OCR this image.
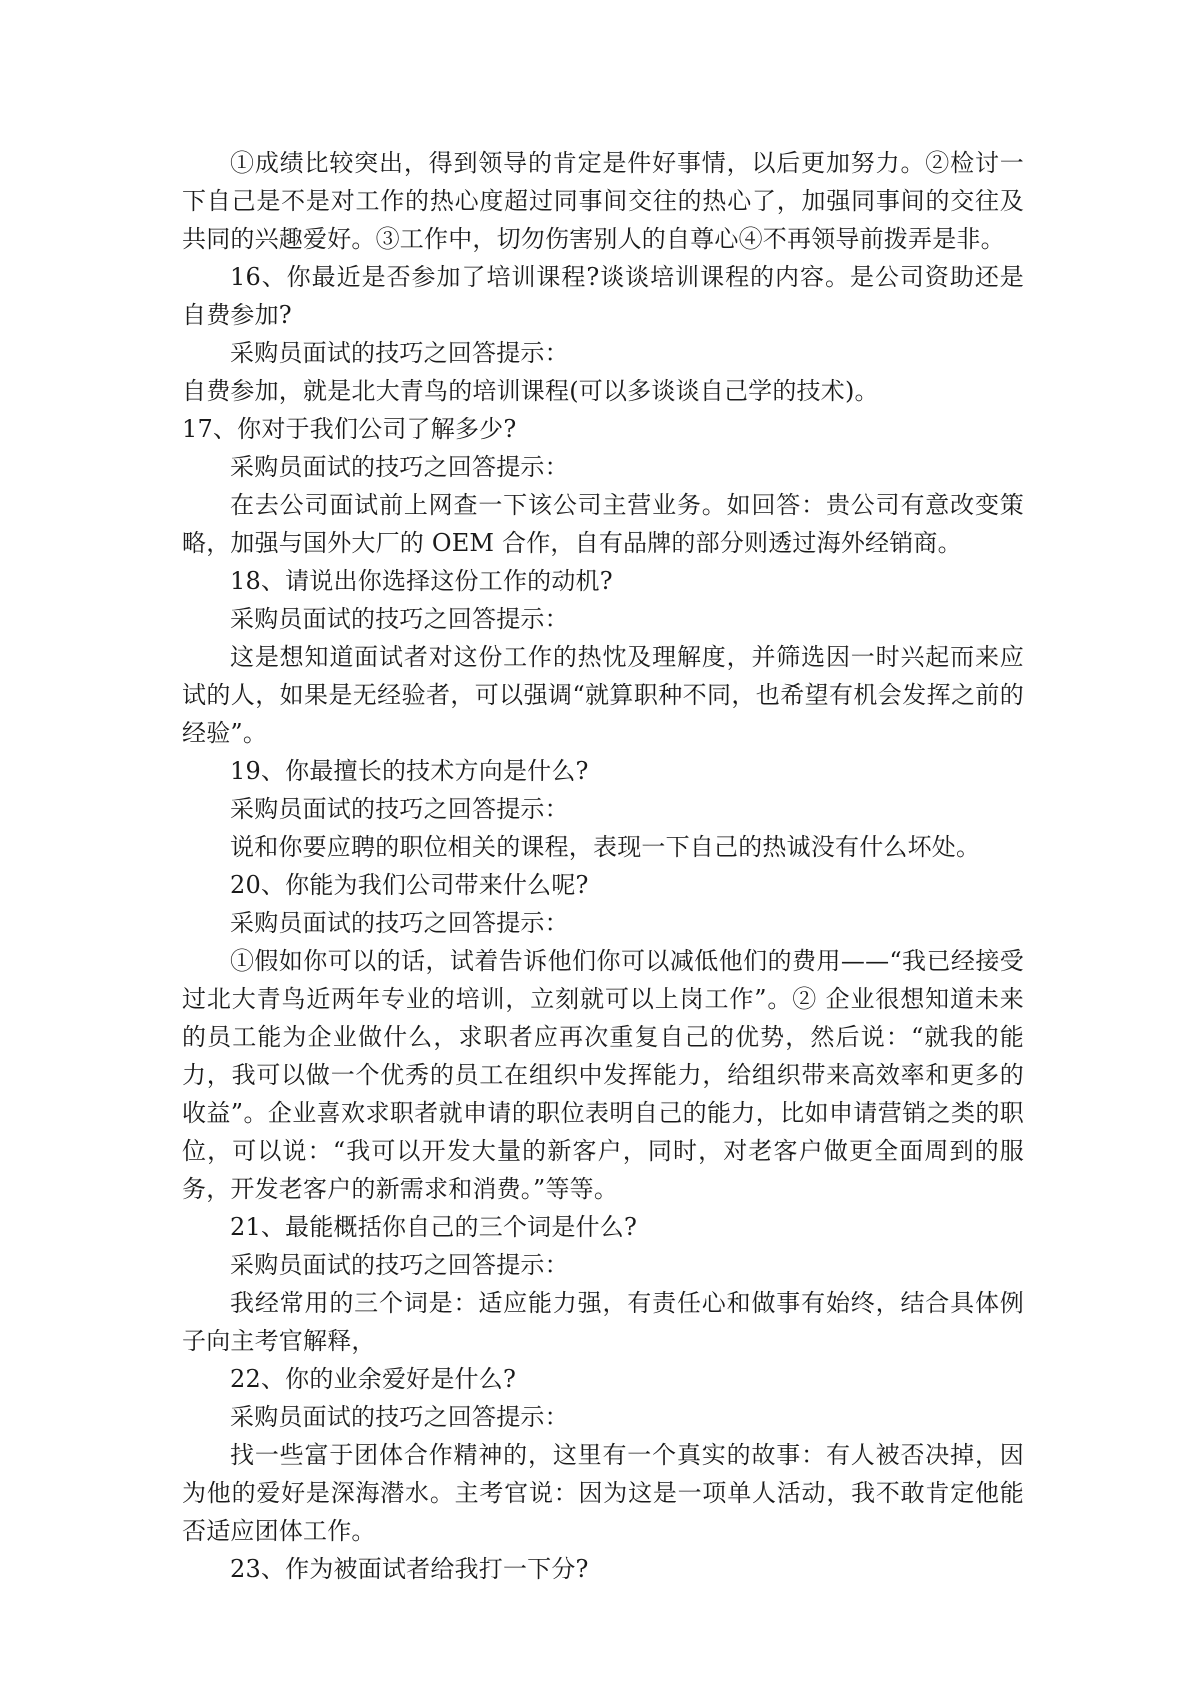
①成绩比较突出，得到领导的肯定是件好事情，以后更加努力。②检讨一下自己是不是对工作的热心度超过同事间交往的热心了，加强同事间的交往及共同的兴趣爱好。③工作中，切勿伤害别人的自尊心④不再领导前拨弄是非。

16、你最近是否参加了培训课程?谈谈培训课程的内容。是公司资助还是自费参加?

采购员面试的技巧之回答提示：

自费参加，就是北大青鸟的培训课程(可以多谈谈自己学的技术)。

17、你对于我们公司了解多少?

采购员面试的技巧之回答提示：

在去公司面试前上网查一下该公司主营业务。如回答：贵公司有意改变策略，加强与国外大厂的 OEM 合作，自有品牌的部分则透过海外经销商。

18、请说出你选择这份工作的动机?

采购员面试的技巧之回答提示：

这是想知道面试者对这份工作的热忱及理解度，并筛选因一时兴起而来应试的人，如果是无经验者，可以强调“就算职种不同，也希望有机会发挥之前的经验”。

19、你最擅长的技术方向是什么?

采购员面试的技巧之回答提示：

说和你要应聘的职位相关的课程，表现一下自己的热诚没有什么坏处。

20、你能为我们公司带来什么呢?

采购员面试的技巧之回答提示：

①假如你可以的话，试着告诉他们你可以减低他们的费用——“我已经接受过北大青鸟近两年专业的培训，立刻就可以上岗工作”。② 企业很想知道未来的员工能为企业做什么，求职者应再次重复自己的优势，然后说：“就我的能力，我可以做一个优秀的员工在组织中发挥能力，给组织带来高效率和更多的收益”。企业喜欢求职者就申请的职位表明自己的能力，比如申请营销之类的职位，可以说：“我可以开发大量的新客户，同时，对老客户做更全面周到的服务，开发老客户的新需求和消费。”等等。

21、最能概括你自己的三个词是什么?

采购员面试的技巧之回答提示：

我经常用的三个词是：适应能力强，有责任心和做事有始终，结合具体例子向主考官解释，

22、你的业余爱好是什么?

采购员面试的技巧之回答提示：

找一些富于团体合作精神的，这里有一个真实的故事：有人被否决掉，因为他的爱好是深海潜水。主考官说：因为这是一项单人活动，我不敢肯定他能否适应团体工作。

23、作为被面试者给我打一下分?
